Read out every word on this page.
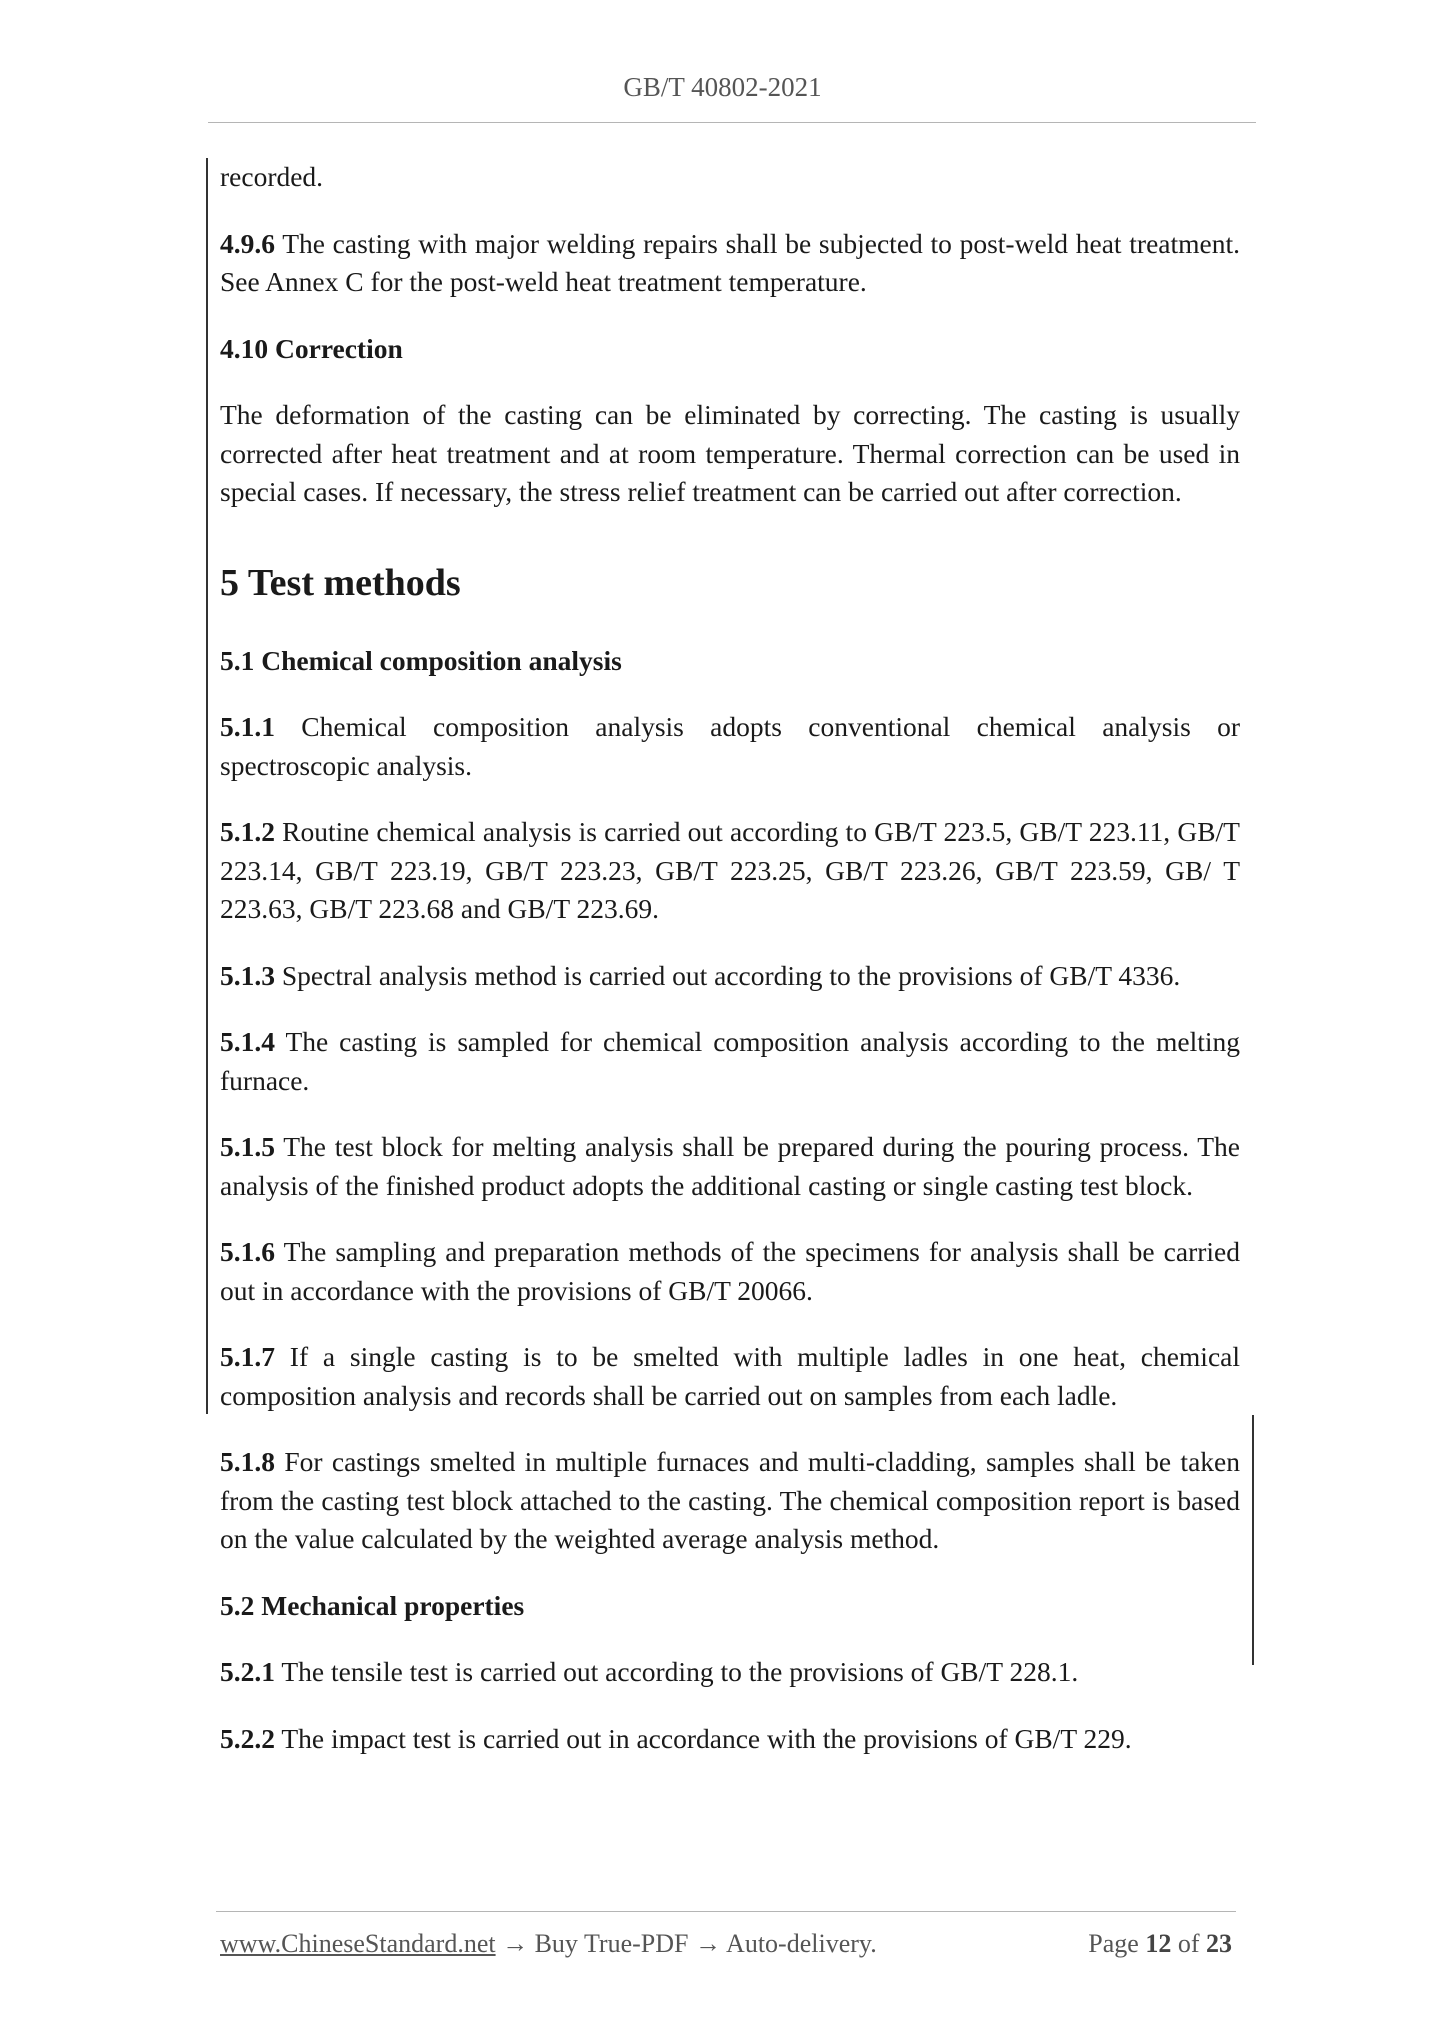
GB/T 40802-2021

recorded.

4.9.6 The casting with major welding repairs shall be subjected to post-weld heat treatment. See Annex C for the post-weld heat treatment temperature.

4.10 Correction

The deformation of the casting can be eliminated by correcting. The casting is usually corrected after heat treatment and at room temperature. Thermal correction can be used in special cases. If necessary, the stress relief treatment can be carried out after correction.

5 Test methods
5.1 Chemical composition analysis

5.1.1 Chemical composition analysis adopts conventional chemical analysis or spectroscopic analysis.

5.1.2 Routine chemical analysis is carried out according to GB/T 223.5, GB/T 223.11, GB/T 223.14, GB/T 223.19, GB/T 223.23, GB/T 223.25, GB/T 223.26, GB/T 223.59, GB/ T 223.63, GB/T 223.68 and GB/T 223.69.

5.1.3 Spectral analysis method is carried out according to the provisions of GB/T 4336.

5.1.4 The casting is sampled for chemical composition analysis according to the melting furnace.

5.1.5 The test block for melting analysis shall be prepared during the pouring process. The analysis of the finished product adopts the additional casting or single casting test block.

5.1.6 The sampling and preparation methods of the specimens for analysis shall be carried out in accordance with the provisions of GB/T 20066.

5.1.7 If a single casting is to be smelted with multiple ladles in one heat, chemical composition analysis and records shall be carried out on samples from each ladle.

5.1.8 For castings smelted in multiple furnaces and multi-cladding, samples shall be taken from the casting test block attached to the casting. The chemical composition report is based on the value calculated by the weighted average analysis method.

5.2 Mechanical properties

5.2.1 The tensile test is carried out according to the provisions of GB/T 228.1.

5.2.2 The impact test is carried out in accordance with the provisions of GB/T 229.

www.ChineseStandard.net → Buy True-PDF → Auto-delivery.	Page 12 of 23
